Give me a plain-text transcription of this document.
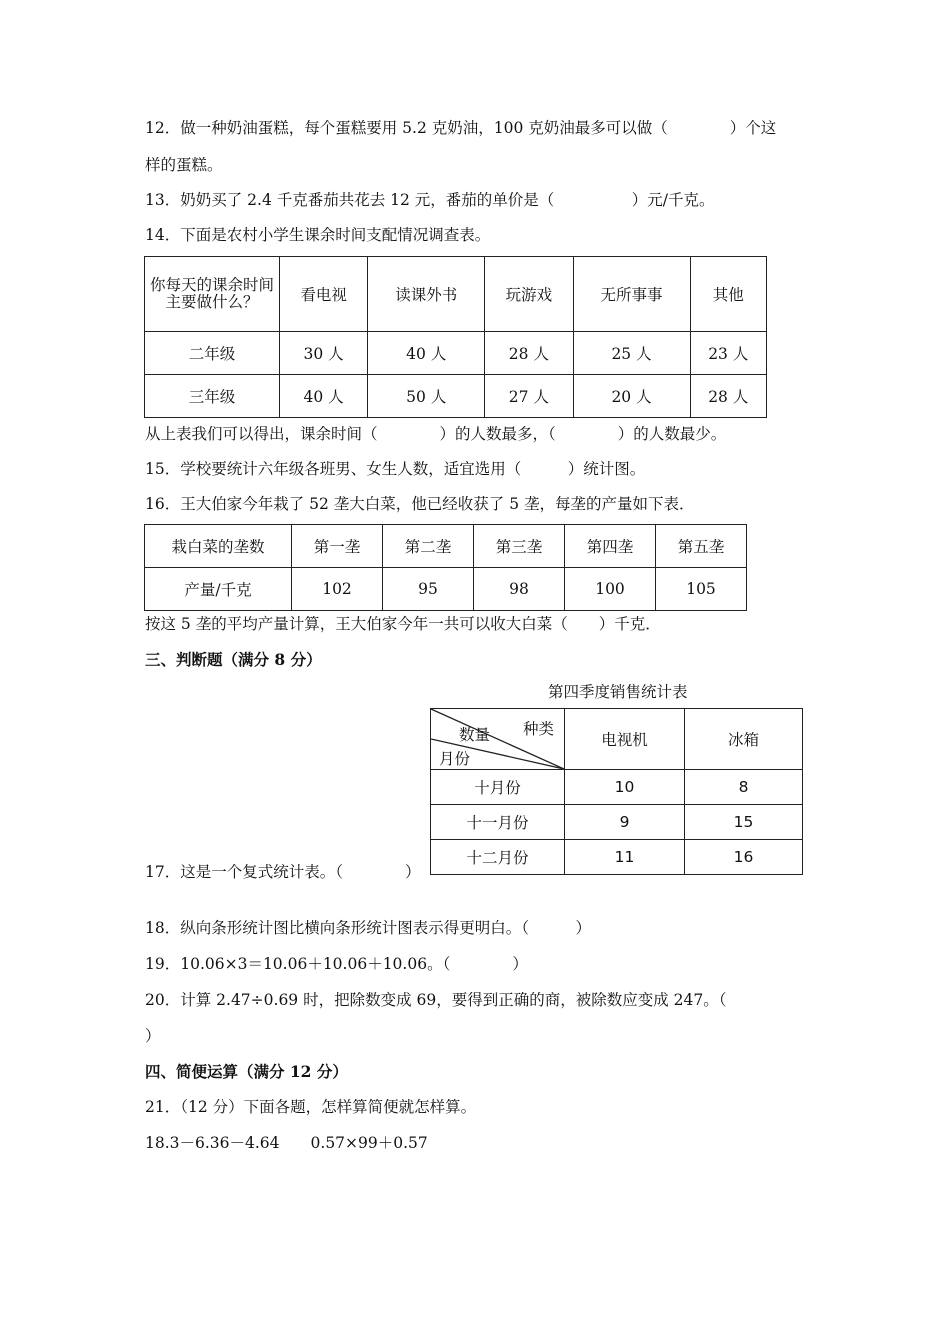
12．做一种奶油蛋糕，每个蛋糕要用 5.2 克奶油，100 克奶油最多可以做（　　　　）个这
样的蛋糕。
13．奶奶买了 2.4 千克番茄共花去 12 元，番茄的单价是（　　　　　）元/千克。
14．下面是农村小学生课余时间支配情况调查表。
你每天的课余时间主要做什么？	看电视	读课外书	玩游戏	无所事事	其他
二年级	30 人	40 人	28 人	25 人	23 人
三年级	40 人	50 人	27 人	20 人	28 人
从上表我们可以得出，课余时间（　　　　）的人数最多，（　　　　）的人数最少。
15．学校要统计六年级各班男、女生人数，适宜选用（　　　）统计图。
16．王大伯家今年栽了 52 垄大白菜，他已经收获了 5 垄，每垄的产量如下表．
栽白菜的垄数	第一垄	第二垄	第三垄	第四垄	第五垄
产量/千克	102	95	98	100	105
按这 5 垄的平均产量计算，王大伯家今年一共可以收大白菜（　　）千克．
三、判断题（满分 8 分）
第四季度销售统计表
种类
数量
月份	电视机	冰箱
十月份	10	8
十一月份	9	15
十二月份	11	16
17．这是一个复式统计表。（　　　　）
18．纵向条形统计图比横向条形统计图表示得更明白。（　　　）
19．10.06×3＝10.06＋10.06＋10.06。（　　　　）
20．计算 2.47÷0.69 时，把除数变成 69，要得到正确的商，被除数应变成 247。（
）
四、简便运算（满分 12 分）
21．（12 分）下面各题，怎样算简便就怎样算。
18.3－6.36－4.64　　0.57×99＋0.57
